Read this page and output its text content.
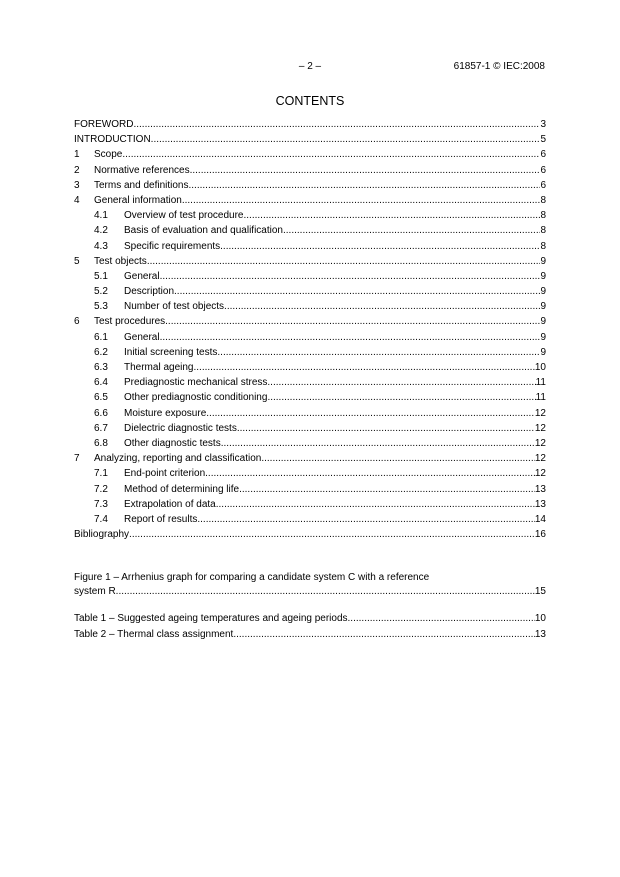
– 2 –	61857-1 © IEC:2008
CONTENTS
FOREWORD .....	3
INTRODUCTION .....	5
1	Scope .....	6
2	Normative references .....	6
3	Terms and definitions .....	6
4	General information .....	8
4.1	Overview of test procedure .....	8
4.2	Basis of evaluation and qualification .....	8
4.3	Specific requirements .....	8
5	Test objects .....	9
5.1	General .....	9
5.2	Description .....	9
5.3	Number of test objects .....	9
6	Test procedures .....	9
6.1	General .....	9
6.2	Initial screening tests .....	9
6.3	Thermal ageing .....	10
6.4	Prediagnostic mechanical stress .....	11
6.5	Other prediagnostic conditioning .....	11
6.6	Moisture exposure .....	12
6.7	Dielectric diagnostic tests .....	12
6.8	Other diagnostic tests .....	12
7	Analyzing, reporting and classification .....	12
7.1	End-point criterion .....	12
7.2	Method of determining life .....	13
7.3	Extrapolation of data .....	13
7.4	Report of results .....	14
Bibliography .....	16
Figure 1 – Arrhenius graph for comparing a candidate system C with a reference
system R .....	15
Table 1 – Suggested ageing temperatures and ageing periods .....	10
Table 2 – Thermal class assignment .....	13
